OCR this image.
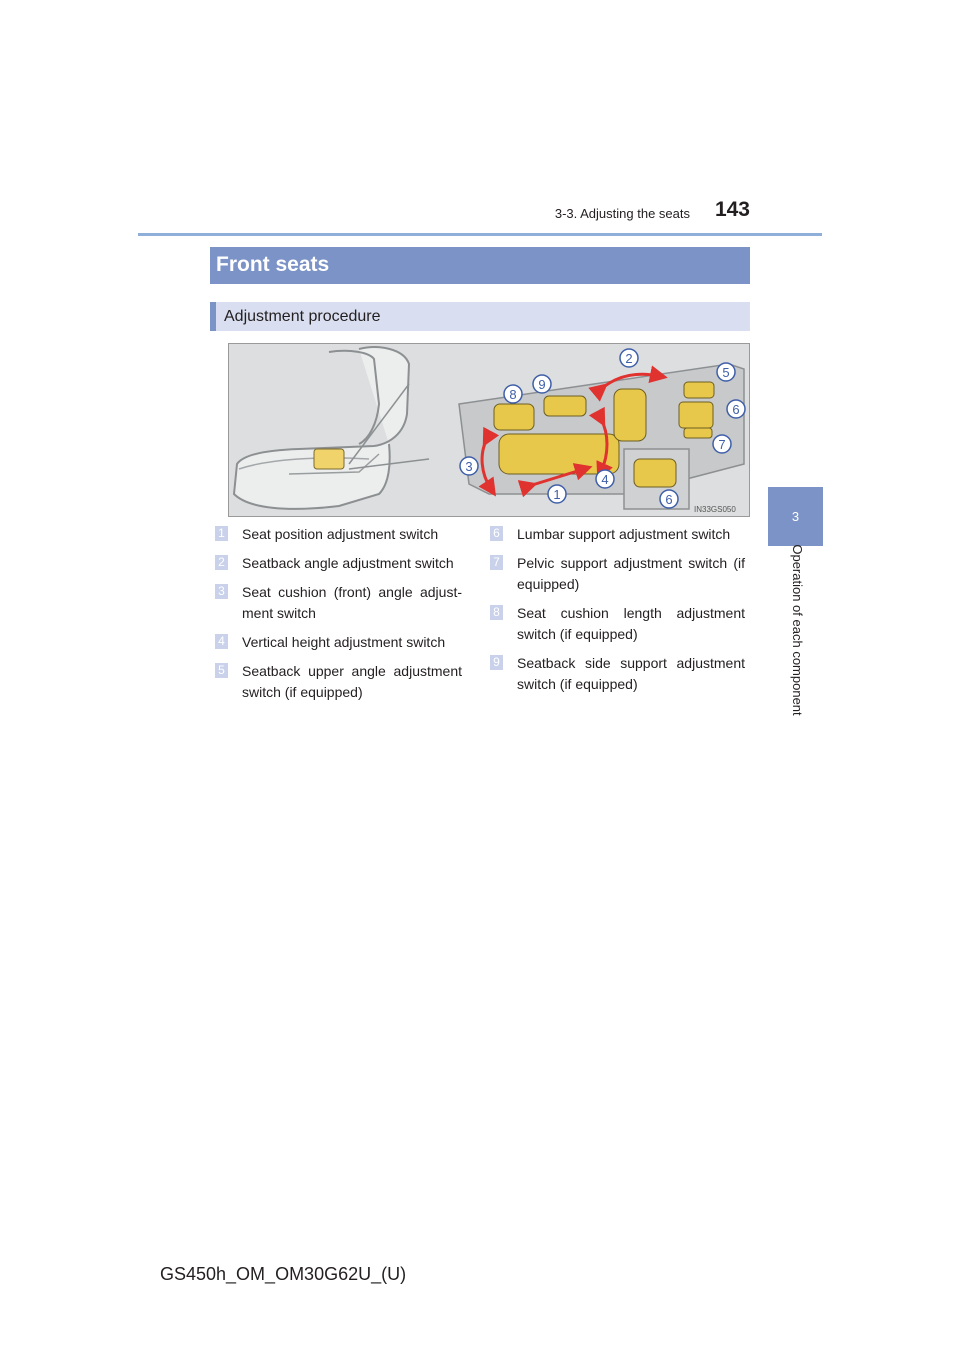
3-3. Adjusting the seats	143
3
Operation of each component
Front seats
Adjustment procedure
1
2
3
4
5
6
7
8
9
6
IN33GS050
1 Seat position adjustment switch
2 Seatback angle adjustment switch
3 Seat cushion (front) angle adjust-ment switch
4 Vertical height adjustment switch
5 Seatback upper angle adjustment switch (if equipped)
6 Lumbar support adjustment switch
7 Pelvic support adjustment switch (if equipped)
8 Seat cushion length adjustment switch (if equipped)
9 Seatback side support adjustment switch (if equipped)
GS450h_OM_OM30G62U_(U)
